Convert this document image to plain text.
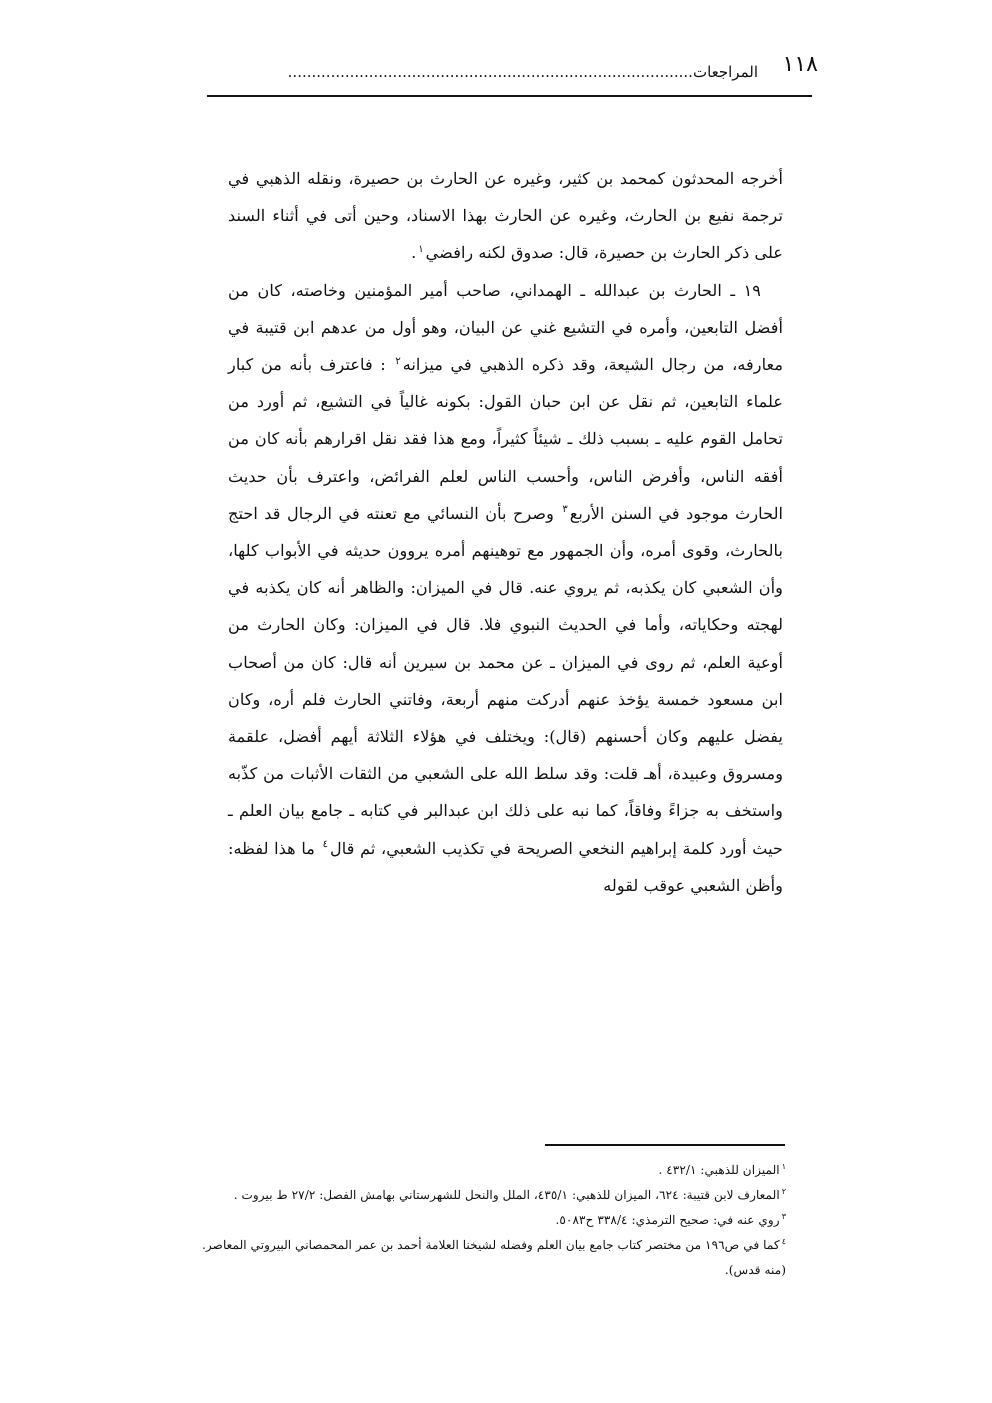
١١٨
المراجعات.....................................................................................

أخرجه المحدثون كمحمد بن كثير، وغيره عن الحارث بن حصيرة، ونقله الذهبي في ترجمة نفيع بن الحارث، وغيره عن الحارث بهذا الاسناد، وحين أتى في أثناء السند على ذكر الحارث بن حصيرة، قال: صدوق لكنه رافضي$^١$.

١٩ ـ الحارث بن عبدالله ـ الهمداني، صاحب أمير المؤمنين وخاصته، كان من أفضل التابعين، وأمره في التشيع غني عن البيان، وهو أول من عدهم ابن قتيبة في معارفه، من رجال الشيعة، وقد ذكره الذهبي في ميزانه$^٢$ : فاعترف بأنه من كبار علماء التابعين، ثم نقل عن ابن حبان القول: بكونه غالياً في التشيع، ثم أورد من تحامل القوم عليه ـ بسبب ذلك ـ شيئاً كثيراً، ومع هذا فقد نقل اقرارهم بأنه كان من أفقه الناس، وأفرض الناس، وأحسب الناس لعلم الفرائض، واعترف بأن حديث الحارث موجود في السنن الأربع$^٣$ وصرح بأن النسائي مع تعنته في الرجال قد احتج بالحارث، وقوى أمره، وأن الجمهور مع توهينهم أمره يروون حديثه في الأبواب كلها، وأن الشعبي كان يكذبه، ثم يروي عنه. قال في الميزان: والظاهر أنه كان يكذبه في لهجته وحكاياته، وأما في الحديث النبوي فلا. قال في الميزان: وكان الحارث من أوعية العلم، ثم روى في الميزان ـ عن محمد بن سيرين أنه قال: كان من أصحاب ابن مسعود خمسة يؤخذ عنهم أدركت منهم أربعة، وفاتني الحارث فلم أره، وكان يفضل عليهم وكان أحسنهم (قال): ويختلف في هؤلاء الثلاثة أيهم أفضل، علقمة ومسروق وعبيدة، أهـ قلت: وقد سلط الله على الشعبي من الثقات الأثبات من كذّبه واستخف به جزاءً وفاقاً، كما نبه على ذلك ابن عبدالبر في كتابه ـ جامع بيان العلم ـ حيث أورد كلمة إبراهيم النخعي الصريحة في تكذيب الشعبي، ثم قال$^٤$ ما هذا لفظه: وأظن الشعبي عوقب لقوله

$^١$الميزان للذهبي: ٤٣٢/١ .

$^٢$المعارف لابن قتيبة: ٦٢٤، الميزان للذهبي: ٤٣٥/١، الملل والنحل للشهرستاني بهامش الفصل: ٢٧/٢ ط بيروت .

$^٣$روي عنه في: صحيح الترمذي: ٣٣٨/٤ ح٥٠٨٣.

$^٤$كما في ص١٩٦ من مختصر كتاب جامع بيان العلم وفضله لشيخنا العلامة أحمد بن عمر المحمصاني البيروتي المعاصر. (منه قدس).
